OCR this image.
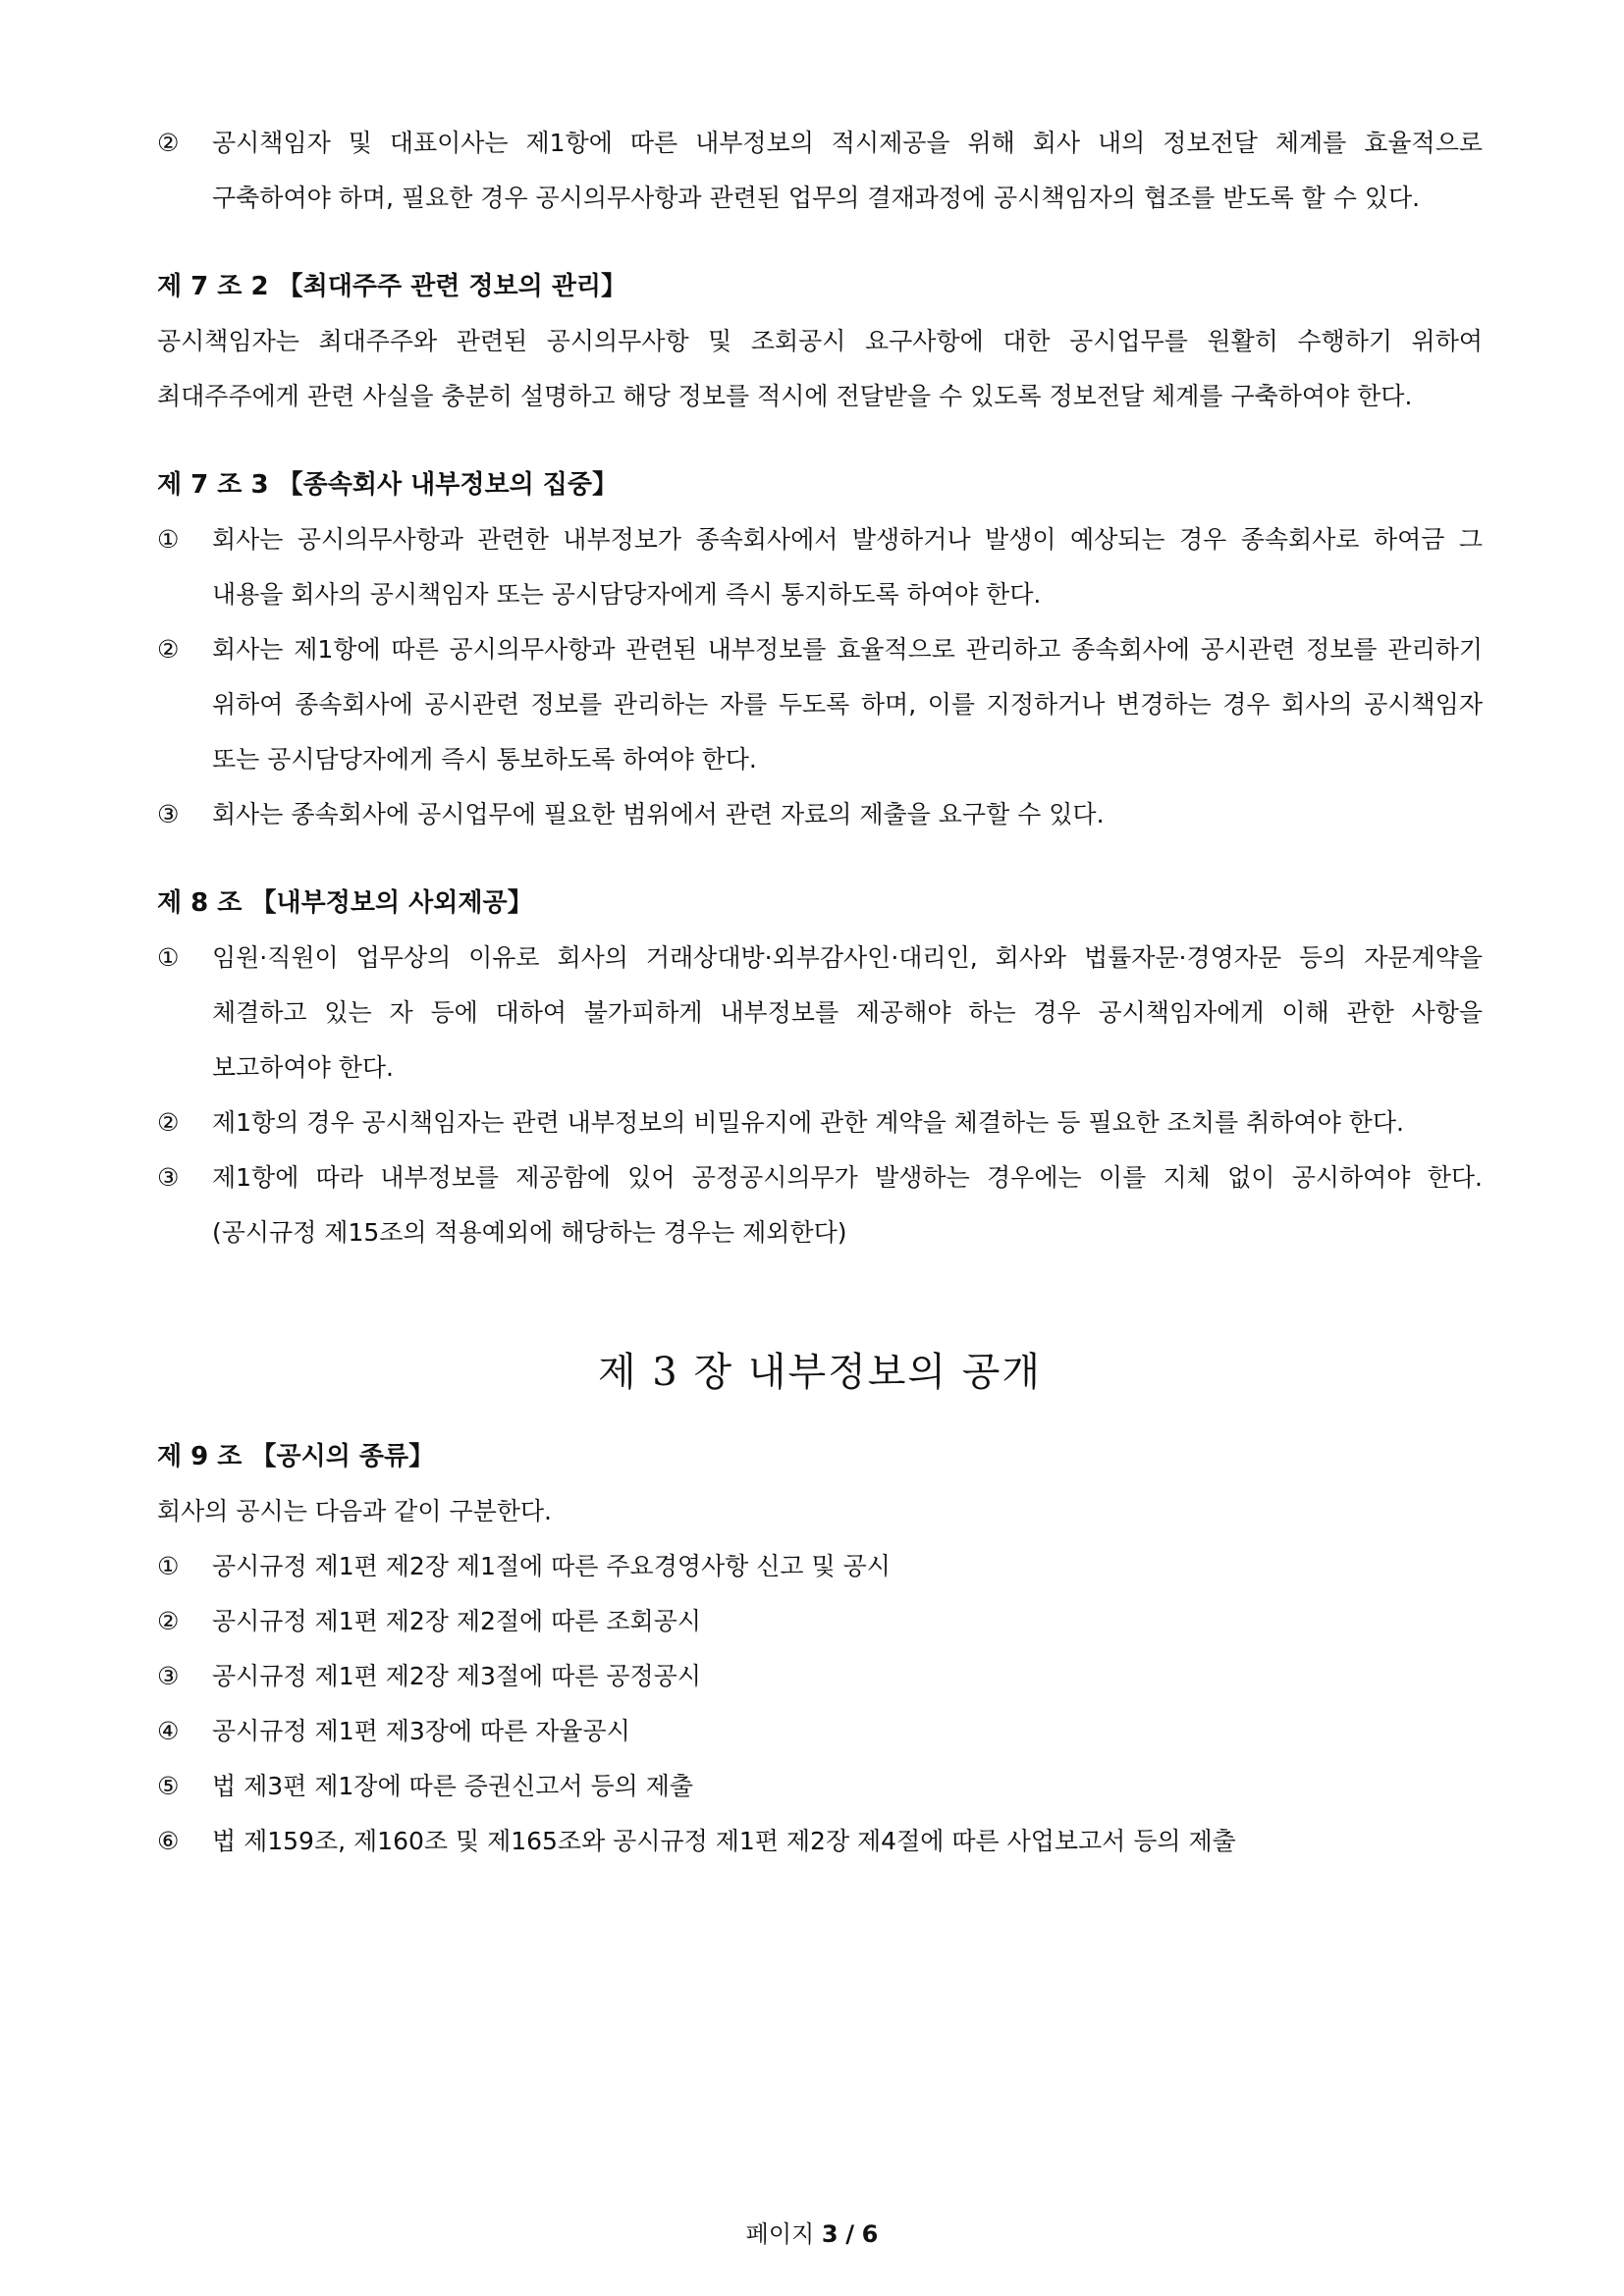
② 공시책임자 및 대표이사는 제1항에 따른 내부정보의 적시제공을 위해 회사 내의 정보전달 체계를 효율적으로 구축하여야 하며, 필요한 경우 공시의무사항과 관련된 업무의 결재과정에 공시책임자의 협조를 받도록 할 수 있다.
제 7 조 2 【최대주주 관련 정보의 관리】
공시책임자는 최대주주와 관련된 공시의무사항 및 조회공시 요구사항에 대한 공시업무를 원활히 수행하기 위하여 최대주주에게 관련 사실을 충분히 설명하고 해당 정보를 적시에 전달받을 수 있도록 정보전달 체계를 구축하여야 한다.
제 7 조 3 【종속회사 내부정보의 집중】
① 회사는 공시의무사항과 관련한 내부정보가 종속회사에서 발생하거나 발생이 예상되는 경우 종속회사로 하여금 그 내용을 회사의 공시책임자 또는 공시담당자에게 즉시 통지하도록 하여야 한다.
② 회사는 제1항에 따른 공시의무사항과 관련된 내부정보를 효율적으로 관리하고 종속회사에 공시관련 정보를 관리하기 위하여 종속회사에 공시관련 정보를 관리하는 자를 두도록 하며, 이를 지정하거나 변경하는 경우 회사의 공시책임자 또는 공시담당자에게 즉시 통보하도록 하여야 한다.
③ 회사는 종속회사에 공시업무에 필요한 범위에서 관련 자료의 제출을 요구할 수 있다.
제 8 조 【내부정보의 사외제공】
① 임원·직원이 업무상의 이유로 회사의 거래상대방·외부감사인·대리인, 회사와 법률자문·경영자문 등의 자문계약을 체결하고 있는 자 등에 대하여 불가피하게 내부정보를 제공해야 하는 경우 공시책임자에게 이해 관한 사항을 보고하여야 한다.
② 제1항의 경우 공시책임자는 관련 내부정보의 비밀유지에 관한 계약을 체결하는 등 필요한 조치를 취하여야 한다.
③ 제1항에 따라 내부정보를 제공함에 있어 공정공시의무가 발생하는 경우에는 이를 지체 없이 공시하여야 한다. (공시규정 제15조의 적용예외에 해당하는 경우는 제외한다)
제 3 장 내부정보의 공개
제 9 조 【공시의 종류】
회사의 공시는 다음과 같이 구분한다.
① 공시규정 제1편 제2장 제1절에 따른 주요경영사항 신고 및 공시
② 공시규정 제1편 제2장 제2절에 따른 조회공시
③ 공시규정 제1편 제2장 제3절에 따른 공정공시
④ 공시규정 제1편 제3장에 따른 자율공시
⑤ 법 제3편 제1장에 따른 증권신고서 등의 제출
⑥ 법 제159조, 제160조 및 제165조와 공시규정 제1편 제2장 제4절에 따른 사업보고서 등의 제출
페이지 3 / 6
